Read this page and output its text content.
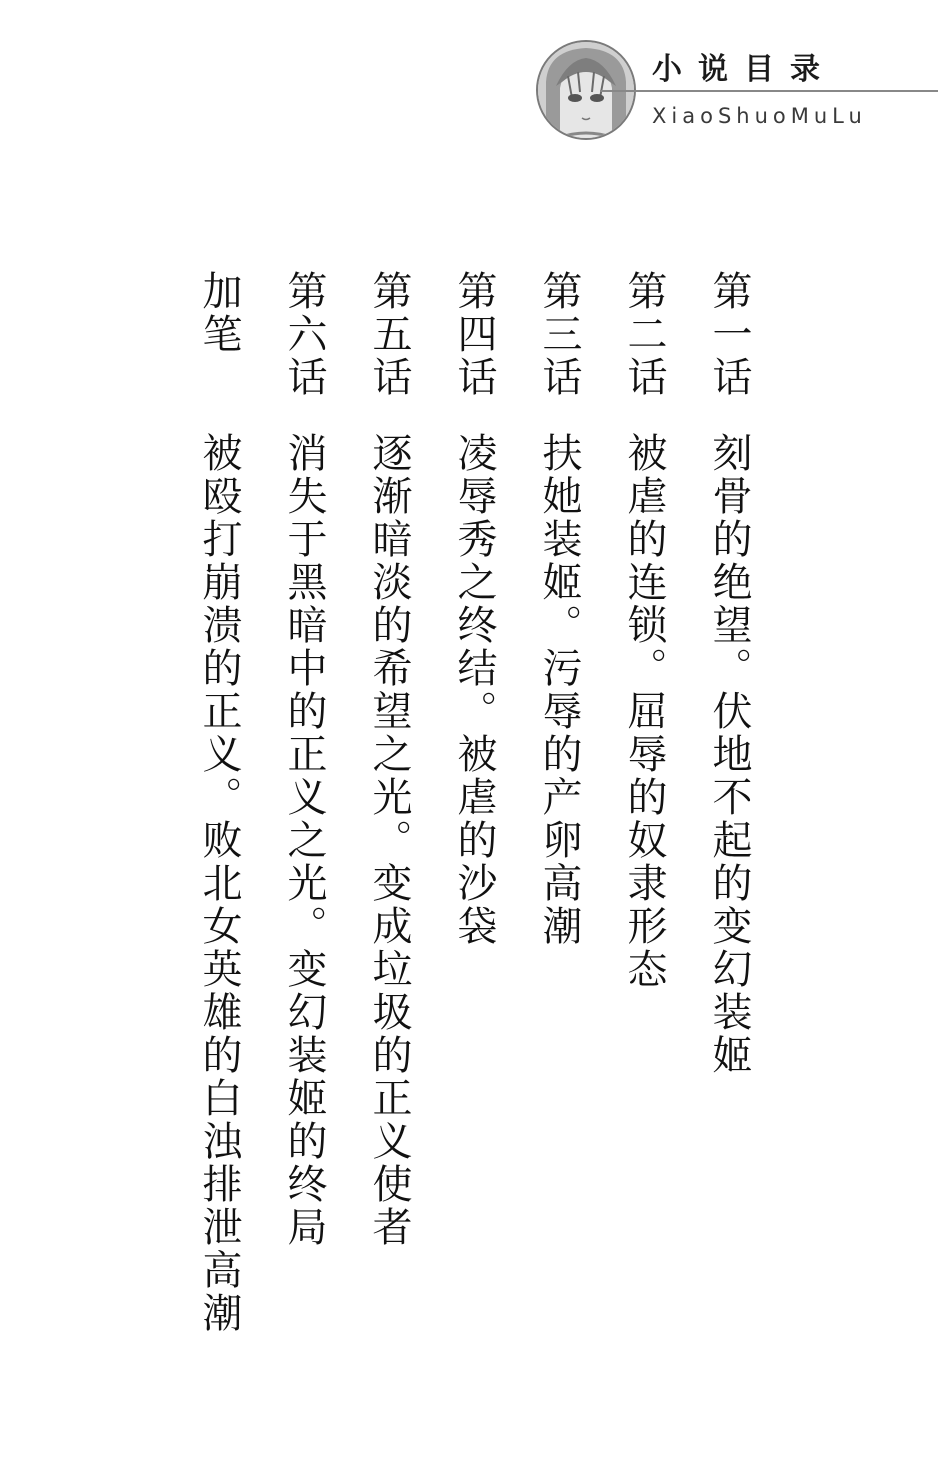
小说目录
XiaoShuoMuLu
第一话
刻骨的绝望。伏地不起的变幻装姬
第二话
被虐的连锁。屈辱的奴隶形态
第三话
扶她装姬。污辱的产卵高潮
第四话
凌辱秀之终结。被虐的沙袋
第五话
逐渐暗淡的希望之光。变成垃圾的正义使者
第六话
消失于黑暗中的正义之光。变幻装姬的终局
加笔
被殴打崩溃的正义。败北女英雄的白浊排泄高潮
